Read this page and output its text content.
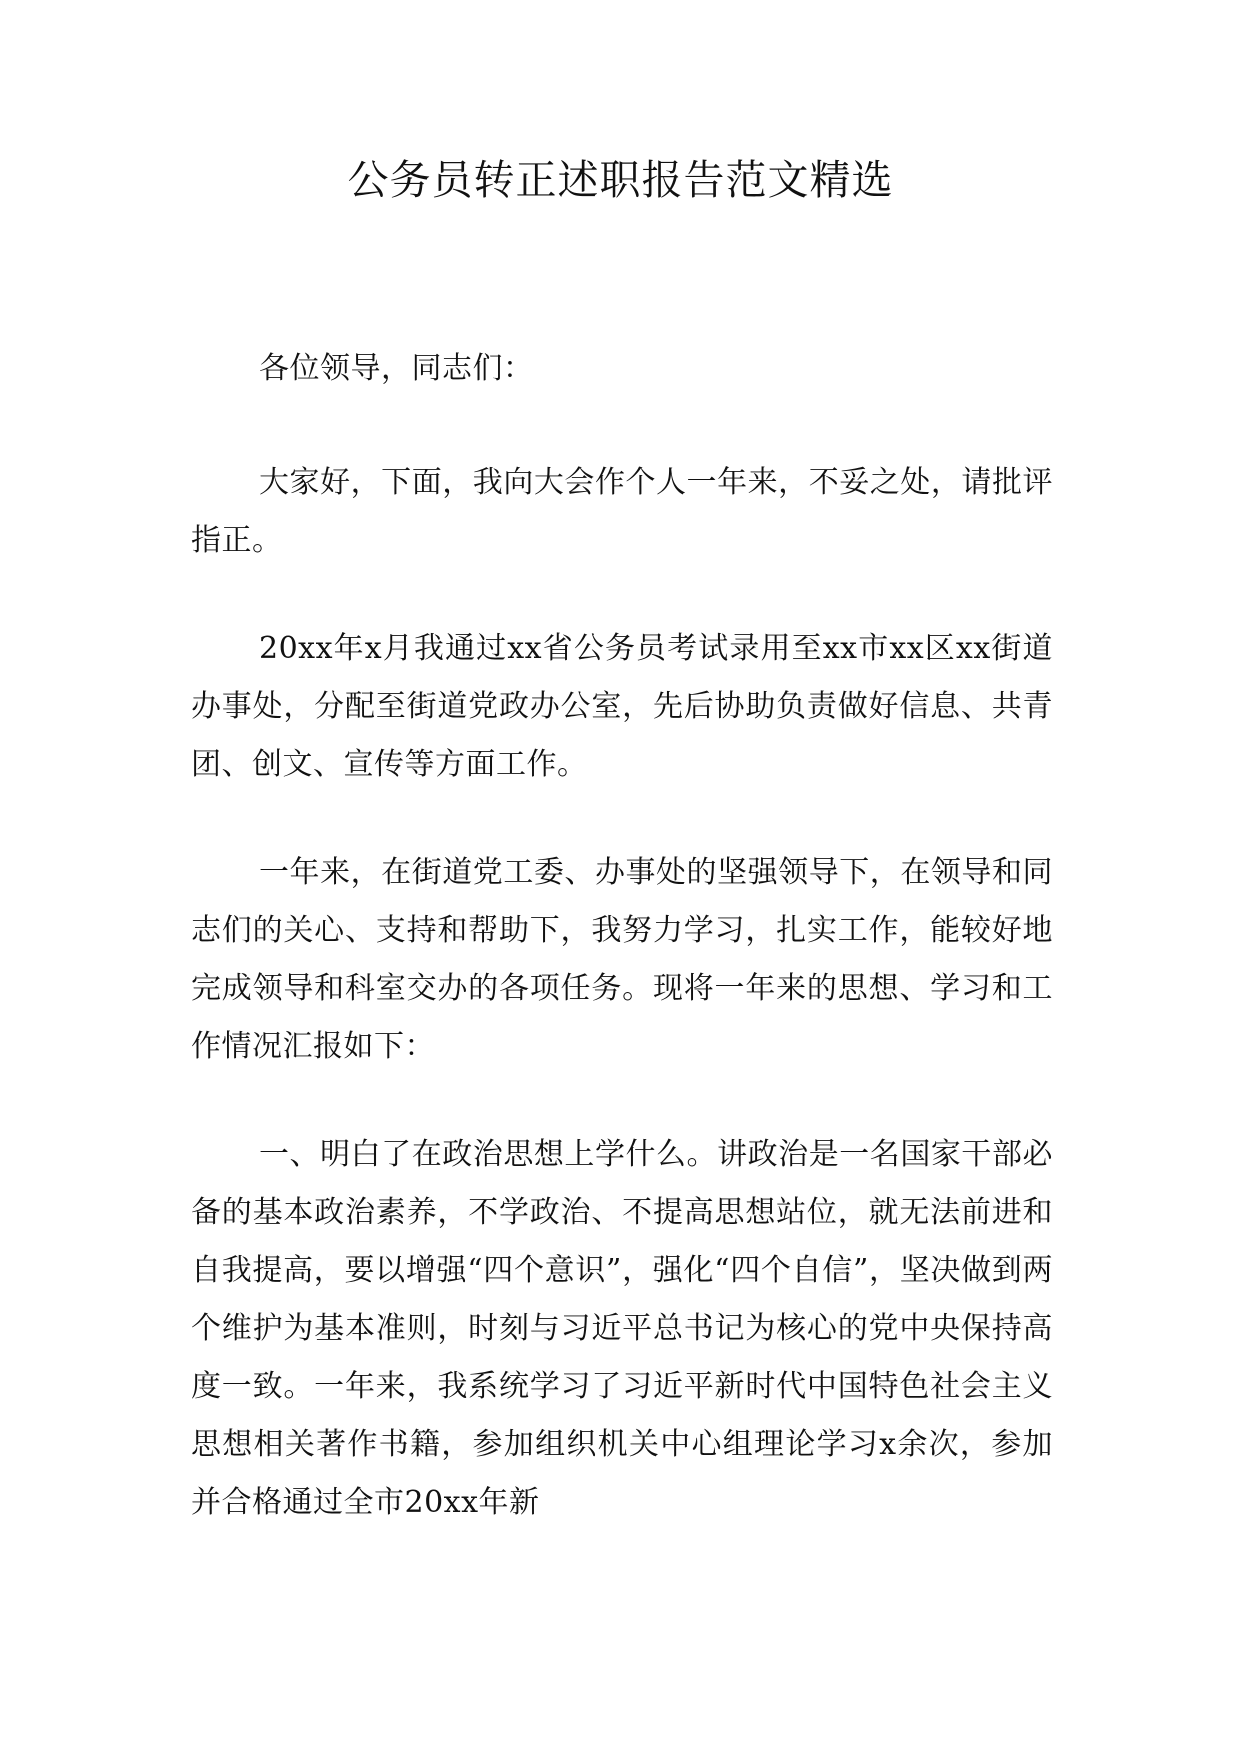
公务员转正述职报告范文精选

各位领导，同志们：

大家好，下面，我向大会作个人一年来，不妥之处，请批评指正。

20xx年x月我通过xx省公务员考试录用至xx市xx区xx街道办事处，分配至街道党政办公室，先后协助负责做好信息、共青团、创文、宣传等方面工作。

一年来，在街道党工委、办事处的坚强领导下，在领导和同志们的关心、支持和帮助下，我努力学习，扎实工作，能较好地完成领导和科室交办的各项任务。现将一年来的思想、学习和工作情况汇报如下：

一、明白了在政治思想上学什么。讲政治是一名国家干部必备的基本政治素养，不学政治、不提高思想站位，就无法前进和自我提高，要以增强“四个意识”，强化“四个自信”，坚决做到两个维护为基本准则，时刻与习近平总书记为核心的党中央保持高度一致。一年来，我系统学习了习近平新时代中国特色社会主义思想相关著作书籍，参加组织机关中心组理论学习x余次，参加并合格通过全市20xx年新
